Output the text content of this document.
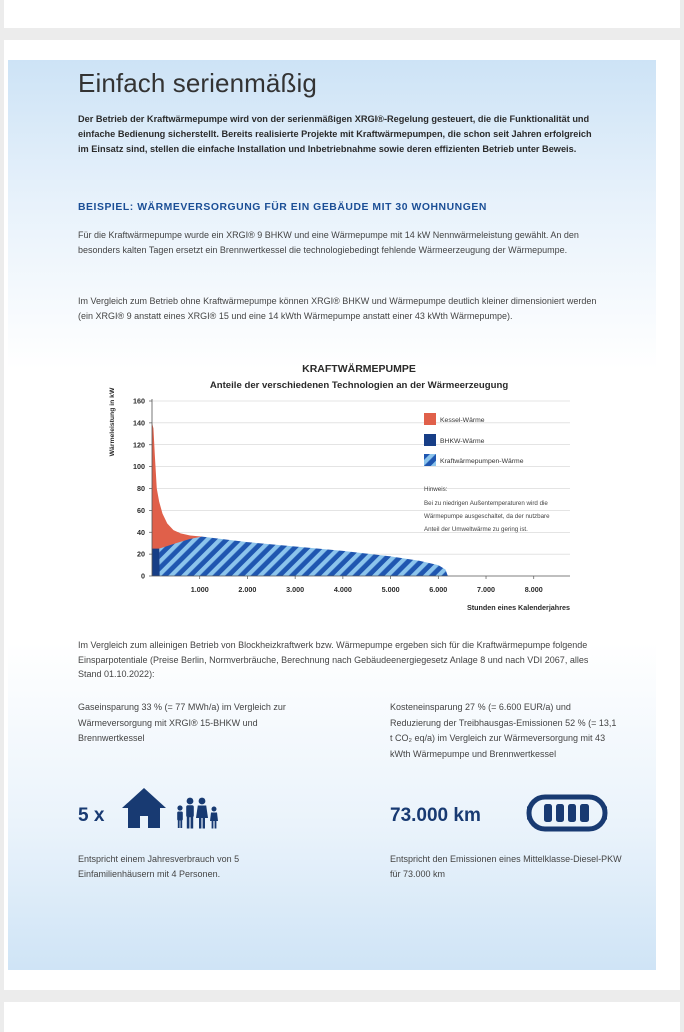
Einfach serienmäßig
Der Betrieb der Kraftwärmepumpe wird von der serienmäßigen XRGI®-Regelung gesteuert, die die Funktionalität und einfache Bedienung sicherstellt. Bereits realisierte Projekte mit Kraftwärmepumpen, die schon seit Jahren erfolgreich im Einsatz sind, stellen die einfache Installation und Inbetriebnahme sowie deren effizienten Betrieb unter Beweis.
BEISPIEL: WÄRMEVERSORGUNG FÜR EIN GEBÄUDE MIT 30 WOHNUNGEN
Für die Kraftwärmepumpe wurde ein XRGI® 9 BHKW und eine Wärmepumpe mit 14 kW Nennwärmeleistung gewählt. An den besonders kalten Tagen ersetzt ein Brennwertkessel die technologiebedingt fehlende Wärmeerzeugung der Wärmepumpe.
Im Vergleich zum Betrieb ohne Kraftwärmepumpe können XRGI® BHKW und Wärmepumpe deutlich kleiner dimensioniert werden (ein XRGI® 9 anstatt eines XRGI® 15 und eine 14 kWth Wärmepumpe anstatt einer 43 kWth Wärmepumpe).
KRAFTWÄRMEPUMPE
Anteile der verschiedenen Technologien an der Wärmeerzeugung
Wärmeleistung in kW
Stunden eines Kalenderjahres
0
20
40
60
80
100
120
140
160
1.000	2.000	3.000	4.000	5.000	6.000	7.000	8.000
Kessel-Wärme
BHKW-Wärme
Kraftwärmepumpen-Wärme
Hinweis:
Bei zu niedrigen Außentemperaturen wird die
Wärmepumpe ausgeschaltet, da der nutzbare
Anteil der Umweltwärme zu gering ist.
Im Vergleich zum alleinigen Betrieb von Blockheizkraftwerk bzw. Wärmepumpe ergeben sich für die Kraftwärmepumpe folgende Einsparpotentiale (Preise Berlin, Normverbräuche, Berechnung nach Gebäudeenergiegesetz Anlage 8 und nach VDI 2067, alles Stand 01.10.2022):
Gaseinsparung 33 % (= 77 MWh/a) im Vergleich zur Wärmeversorgung mit XRGI® 15-BHKW und Brennwertkessel
Kosteneinsparung 27 % (= 6.600 EUR/a) und Reduzierung der Treibhausgas-Emissionen 52 % (= 13,1 t CO₂ eq/a) im Vergleich zur Wärmeversorgung mit 43 kWth Wärmepumpe und Brennwertkessel
5 x	73.000 km
Entspricht einem Jahresverbrauch von 5 Einfamilienhäusern mit 4 Personen.
Entspricht den Emissionen eines Mittelklasse-Diesel-PKW für 73.000 km
